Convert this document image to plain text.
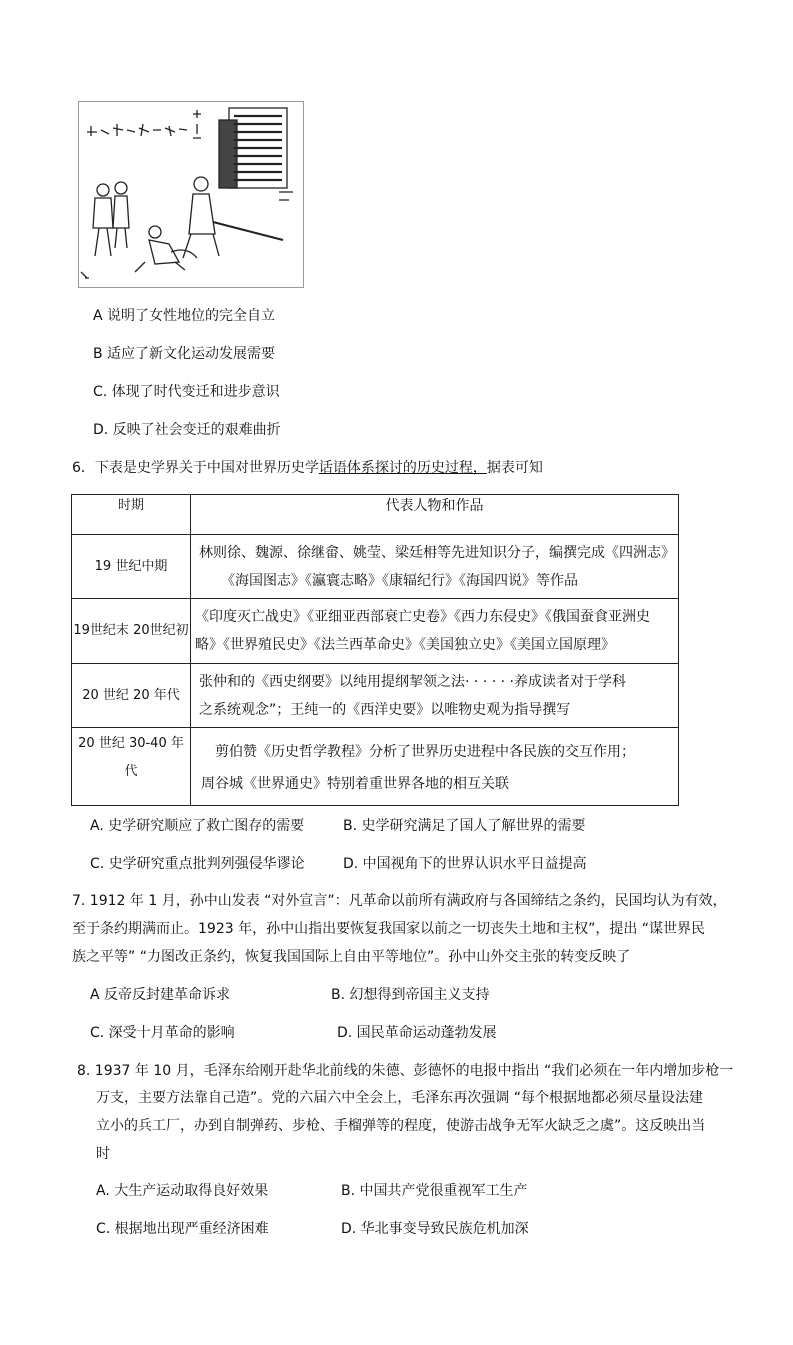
A 说明了女性地位的完全自立
B 适应了新文化运动发展需要
C. 体现了时代变迁和进步意识
D. 反映了社会变迁的艰难曲折
6．下表是史学界关于中国对世界历史学话语体系探讨的历史过程，据表可知
时期	代表人物和作品
19 世纪中期	林则徐、魏源、徐继畲、姚莹、梁廷枏等先进知识分子，编撰完成《四洲志》
《海国图志》《瀛寰志略》《康辐纪行》《海国四说》等作品

19世纪末 20世纪初	《印度灭亡战史》《亚细亚西部衰亡史卷》《西力东侵史》《俄国蚕食亚洲史
略》《世界殖民史》《法兰西革命史》《美国独立史》《美国立国原理》

20 世纪 20 年代	张仲和的《西史纲要》以纯用提纲挈领之法· · · · · ·养成读者对于学科
之系统观念”；王纯一的《西洋史要》以唯物史观为指导撰写

20 世纪 30-40 年代	剪伯赞《历史哲学教程》分析了世界历史进程中各民族的交互作用；
周谷城《世界通史》特别着重世界各地的相互关联
A. 史学研究顺应了救亡图存的需要	B. 史学研究满足了国人了解世界的需要
C. 史学研究重点批判列强侵华谬论	D. 中国视角下的世界认识水平日益提高
7. 1912 年 1 月，孙中山发表 “对外宣言”：凡革命以前所有满政府与各国缔结之条约，民国均认为有效，
至于条约期满而止。1923 年，孙中山指出要恢复我国家以前之一切丧失土地和主权”，提出 “谋世界民
族之平等” “力图改正条约，恢复我国国际上自由平等地位”。孙中山外交主张的转变反映了
A 反帝反封建革命诉求	B. 幻想得到帝国主义支持
C. 深受十月革命的影响	D. 国民革命运动蓬勃发展
8. 1937 年 10 月，毛泽东给刚开赴华北前线的朱德、彭德怀的电报中指出 “我们必须在一年内增加步枪一
万支，主要方法靠自己造”。党的六届六中全会上，毛泽东再次强调 “每个根据地都必须尽量设法建
立小的兵工厂，办到自制弹药、步枪、手榴弹等的程度，使游击战争无军火缺乏之虞”。这反映出当
时
A. 大生产运动取得良好效果	B. 中国共产党很重视军工生产
C. 根据地出现严重经济困难	D. 华北事变导致民族危机加深
